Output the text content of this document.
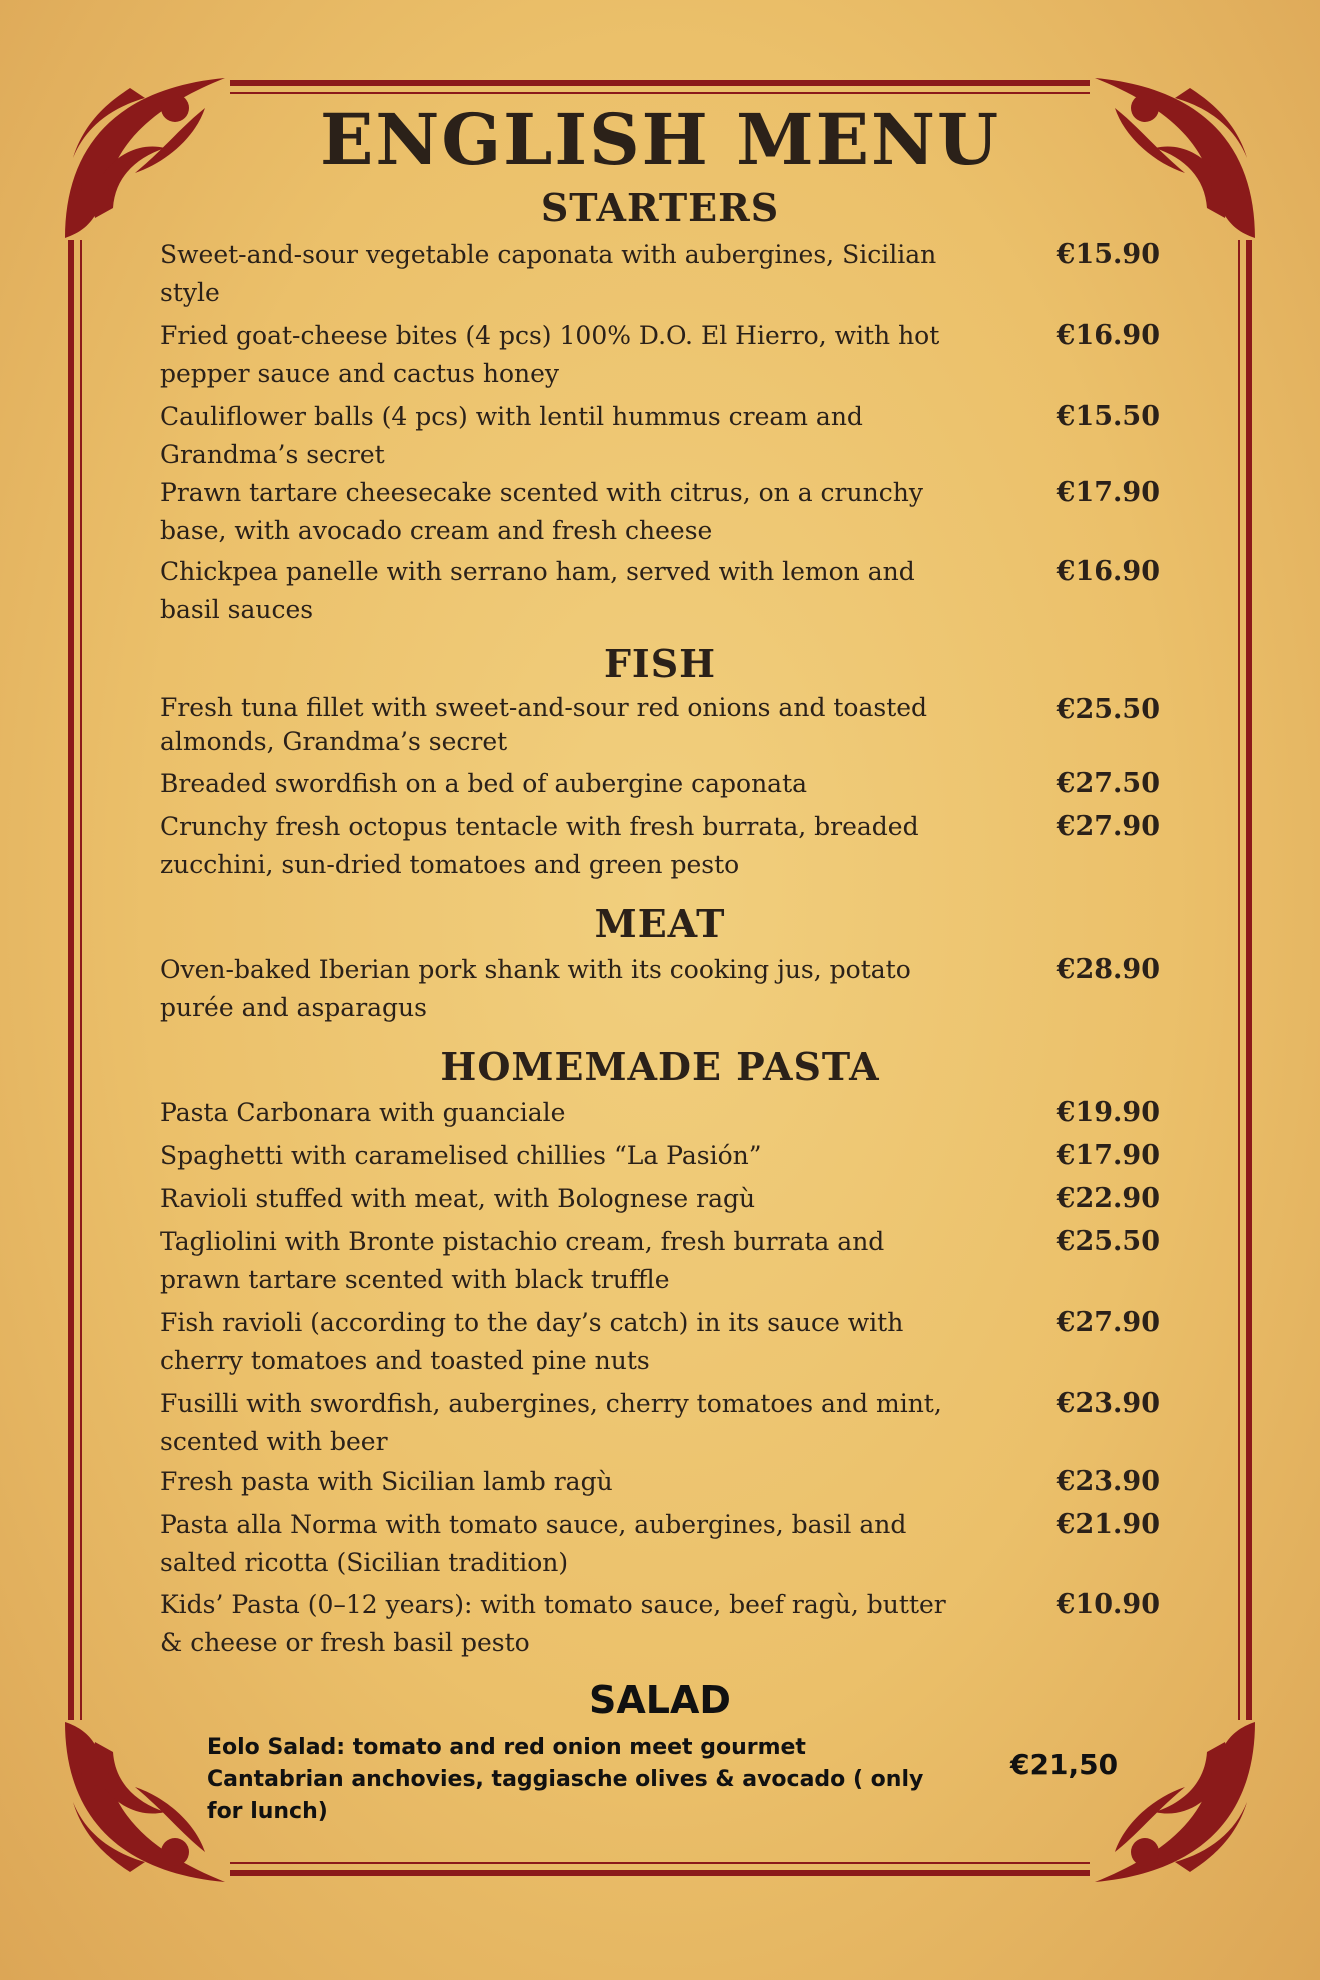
ENGLISH MENU
STARTERS
Sweet-and-sour vegetable caponata with aubergines, Sicilian style
€15.90
Fried goat-cheese bites (4 pcs) 100% D.O. El Hierro, with hot pepper sauce and cactus honey
€16.90
Cauliflower balls (4 pcs) with lentil hummus cream and Grandma’s secret
€15.50
Prawn tartare cheesecake scented with citrus, on a crunchy base, with avocado cream and fresh cheese
€17.90
Chickpea panelle with serrano ham, served with lemon and basil sauces
€16.90
FISH
Fresh tuna fillet with sweet-and-sour red onions and toasted almonds, Grandma’s secret
€25.50
Breaded swordfish on a bed of aubergine caponata	€27.50
Crunchy fresh octopus tentacle with fresh burrata, breaded zucchini, sun-dried tomatoes and green pesto
€27.90
MEAT
Oven-baked Iberian pork shank with its cooking jus, potato purée and asparagus
€28.90
HOMEMADE PASTA
Pasta Carbonara with guanciale	€19.90
Spaghetti with caramelised chillies “La Pasión”	€17.90
Ravioli stuffed with meat, with Bolognese ragù	€22.90
Tagliolini with Bronte pistachio cream, fresh burrata and prawn tartare scented with black truffle
€25.50
Fish ravioli (according to the day’s catch) in its sauce with cherry tomatoes and toasted pine nuts
€27.90
Fusilli with swordfish, aubergines, cherry tomatoes and mint, scented with beer
€23.90
Fresh pasta with Sicilian lamb ragù	€23.90
Pasta alla Norma with tomato sauce, aubergines, basil and salted ricotta (Sicilian tradition)
€21.90
Kids’ Pasta (0–12 years): with tomato sauce, beef ragù, butter & cheese or fresh basil pesto
€10.90
SALAD
Eolo Salad: tomato and red onion meet gourmet Cantabrian anchovies, taggiasche olives & avocado ( only for lunch)
€21,50
